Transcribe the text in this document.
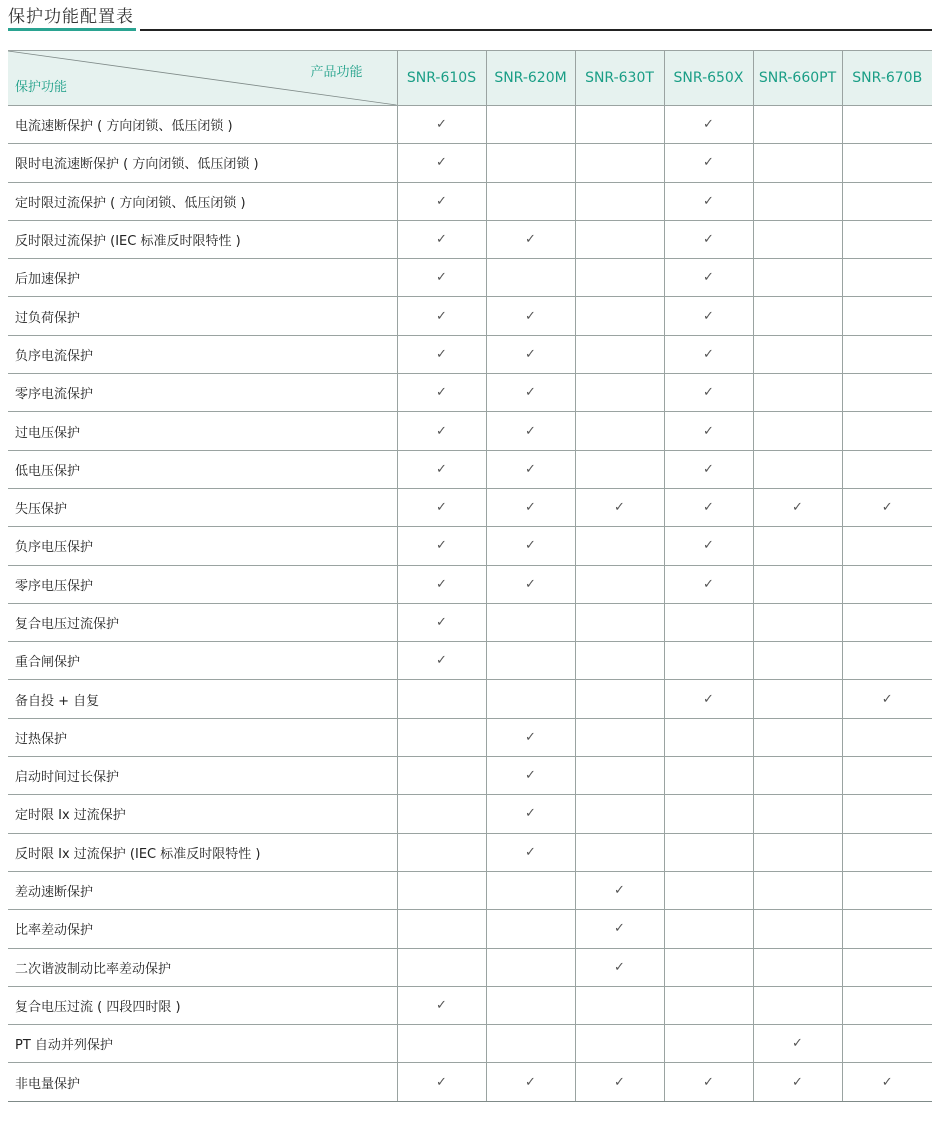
保护功能配置表
产品功能
保护功能	SNR-610S	SNR-620M	SNR-630T	SNR-650X	SNR-660PT	SNR-670B
电流速断保护 ( 方向闭锁、低压闭锁 )	✓			✓		
限时电流速断保护 ( 方向闭锁、低压闭锁 )	✓			✓		
定时限过流保护 ( 方向闭锁、低压闭锁 )	✓			✓		
反时限过流保护 (IEC 标准反时限特性 )	✓	✓		✓		
后加速保护	✓			✓		
过负荷保护	✓	✓		✓		
负序电流保护	✓	✓		✓		
零序电流保护	✓	✓		✓		
过电压保护	✓	✓		✓		
低电压保护	✓	✓		✓		
失压保护	✓	✓	✓	✓	✓	✓
负序电压保护	✓	✓		✓		
零序电压保护	✓	✓		✓		
复合电压过流保护	✓					
重合闸保护	✓					
备自投 + 自复				✓		✓
过热保护		✓				
启动时间过长保护		✓				
定时限 Ix 过流保护		✓				
反时限 Ix 过流保护 (IEC 标准反时限特性 )		✓				
差动速断保护			✓			
比率差动保护			✓			
二次谐波制动比率差动保护			✓			
复合电压过流 ( 四段四时限 )	✓					
PT 自动并列保护					✓	
非电量保护	✓	✓	✓	✓	✓	✓
